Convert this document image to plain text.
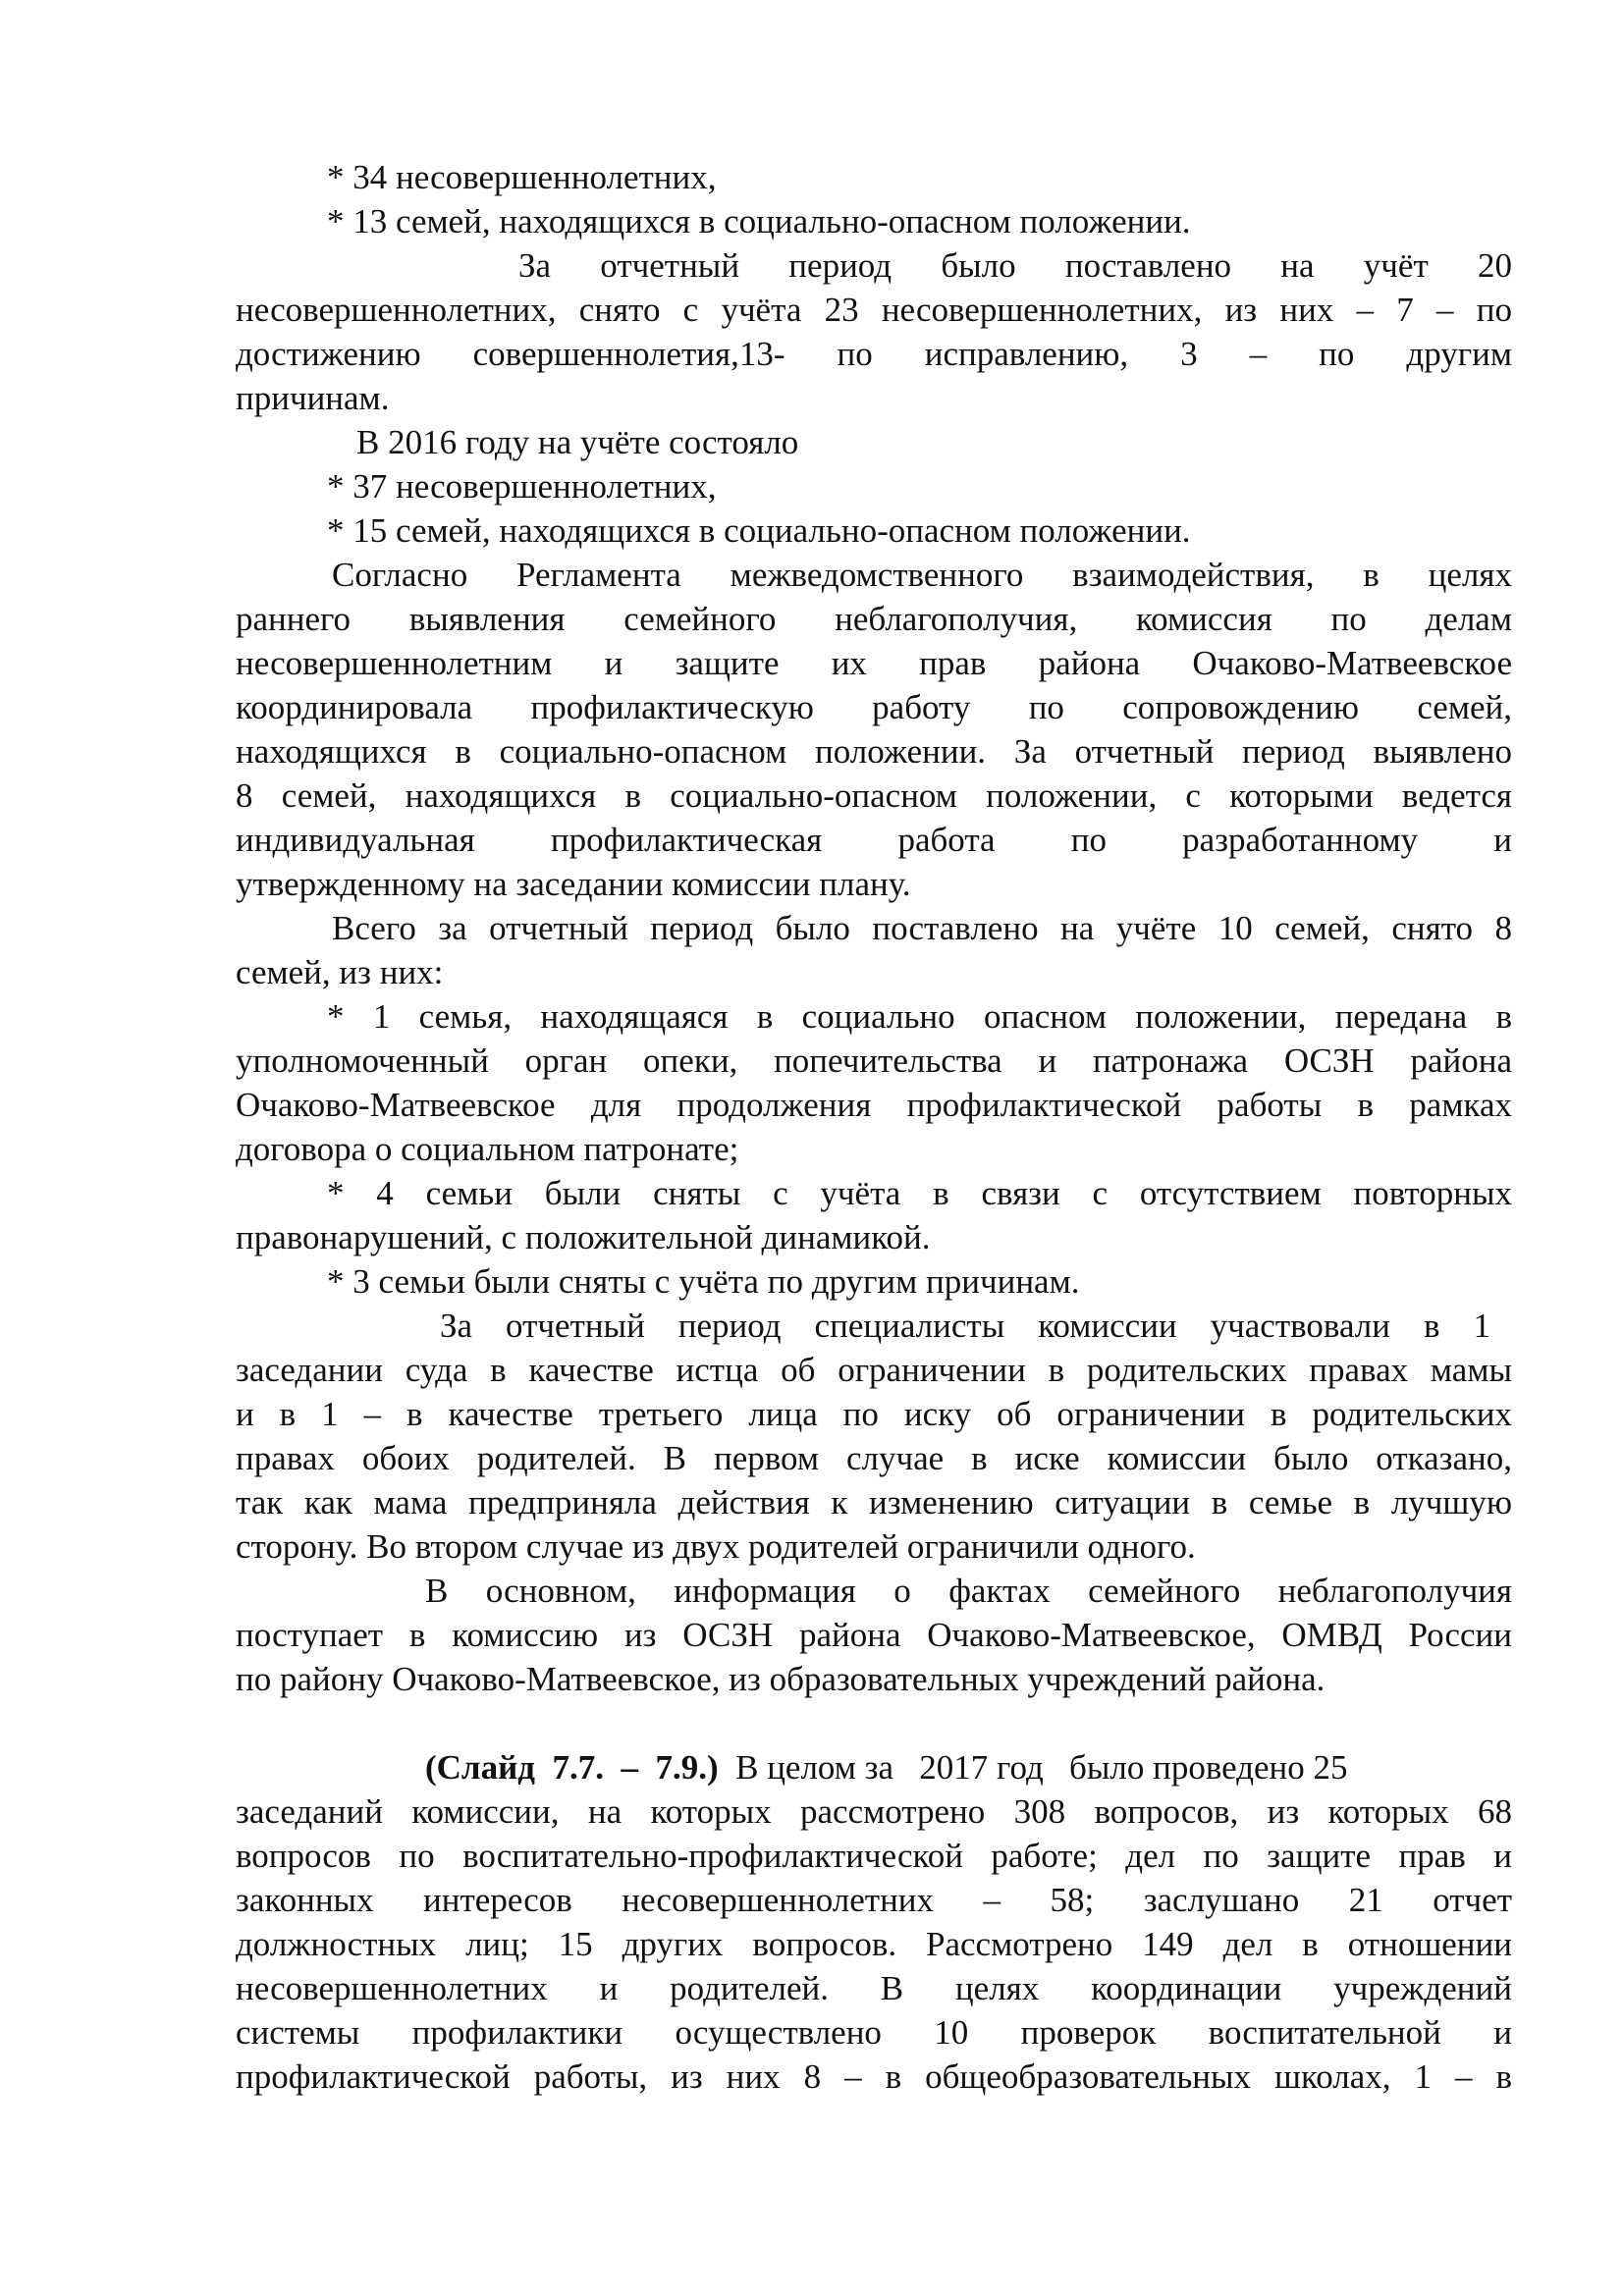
* 34 несовершеннолетних,

* 13 семей, находящихся в социально-опасном положении.

За отчетный период было поставлено на учёт 20

несовершеннолетних, снято с учёта 23 несовершеннолетних, из них – 7 – по

достижению совершеннолетия,13- по исправлению, 3 – по другим

причинам.

В 2016 году на учёте состояло

* 37 несовершеннолетних,

* 15 семей, находящихся в социально-опасном положении.

Согласно Регламента межведомственного взаимодействия, в целях

раннего выявления семейного неблагополучия, комиссия по делам

несовершеннолетним и защите их прав района Очаково-Матвеевское

координировала профилактическую работу по сопровождению семей,

находящихся в социально-опасном положении. За отчетный период выявлено

8 семей, находящихся в социально-опасном положении, с которыми ведется

индивидуальная профилактическая работа по разработанному и

утвержденному на заседании комиссии плану.

Всего за отчетный период было поставлено на учёте 10 семей, снято 8

семей, из них:

* 1 семья, находящаяся в социально опасном положении, передана в

уполномоченный орган опеки, попечительства и патронажа ОСЗН района

Очаково-Матвеевское для продолжения профилактической работы в рамках

договора о социальном патронате;

* 4 семьи были сняты с учёта в связи с отсутствием повторных

правонарушений, с положительной динамикой.

* 3 семьи были сняты с учёта по другим причинам.

За отчетный период специалисты комиссии участвовали в 1

заседании суда в качестве истца об ограничении в родительских правах мамы

и в 1 – в качестве третьего лица по иску об ограничении в родительских

правах обоих родителей. В первом случае в иске комиссии было отказано,

так как мама предприняла действия к изменению ситуации в семье в лучшую

сторону. Во втором случае из двух родителей ограничили одного.

В основном, информация о фактах семейного неблагополучия

поступает в комиссию из ОСЗН района Очаково-Матвеевское, ОМВД России

по району Очаково-Матвеевское, из образовательных учреждений района.

(Слайд  7.7.  –  7.9.)  В целом за   2017 год   было проведено 25

заседаний комиссии, на которых рассмотрено 308 вопросов, из которых 68

вопросов по воспитательно-профилактической работе; дел по защите прав и

законных интересов несовершеннолетних – 58; заслушано 21 отчет

должностных лиц; 15 других вопросов. Рассмотрено 149 дел в отношении

несовершеннолетних и родителей. В целях координации учреждений

системы профилактики осуществлено 10 проверок воспитательной и

профилактической работы, из них 8 – в общеобразовательных школах, 1 – в
